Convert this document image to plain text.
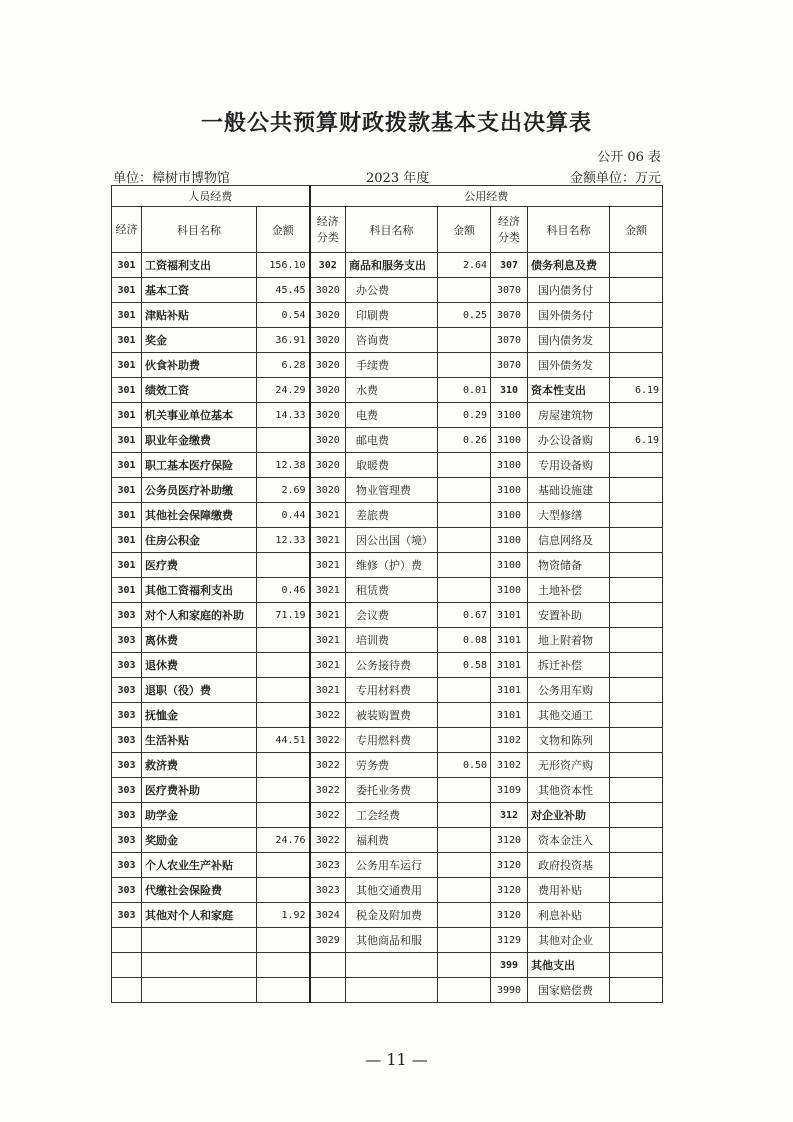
一般公共预算财政拨款基本支出决算表
公开 06 表
单位：樟树市博物馆	2023 年度	金额单位：万元
人员经费			公用经费					
经济	科目名称	金额	经济分类	科目名称	金额	经济分类	科目名称	金额
301	工资福利支出	156.10	302	商品和服务支出	2.64	307	债务利息及费	
301	基本工资	45.45	3020	办公费		3070	国内债务付	
301	津贴补贴	0.54	3020	印刷费	0.25	3070	国外债务付	
301	奖金	36.91	3020	咨询费		3070	国内债务发	
301	伙食补助费	6.28	3020	手续费		3070	国外债务发	
301	绩效工资	24.29	3020	水费	0.01	310	资本性支出	6.19
301	机关事业单位基本	14.33	3020	电费	0.29	3100	房屋建筑物	
301	职业年金缴费		3020	邮电费	0.26	3100	办公设备购	6.19
301	职工基本医疗保险	12.38	3020	取暖费		3100	专用设备购	
301	公务员医疗补助缴	2.69	3020	物业管理费		3100	基础设施建	
301	其他社会保障缴费	0.44	3021	差旅费		3100	大型修缮	
301	住房公积金	12.33	3021	因公出国（境）		3100	信息网络及	
301	医疗费		3021	维修（护）费		3100	物资储备	
301	其他工资福利支出	0.46	3021	租赁费		3100	土地补偿	
303	对个人和家庭的补助	71.19	3021	会议费	0.67	3101	安置补助	
303	离休费		3021	培训费	0.08	3101	地上附着物	
303	退休费		3021	公务接待费	0.58	3101	拆迁补偿	
303	退职（役）费		3021	专用材料费		3101	公务用车购	
303	抚恤金		3022	被装购置费		3101	其他交通工	
303	生活补贴	44.51	3022	专用燃料费		3102	文物和陈列	
303	救济费		3022	劳务费	0.50	3102	无形资产购	
303	医疗费补助		3022	委托业务费		3109	其他资本性	
303	助学金		3022	工会经费		312	对企业补助	
303	奖励金	24.76	3022	福利费		3120	资本金注入	
303	个人农业生产补贴		3023	公务用车运行		3120	政府投资基	
303	代缴社会保险费		3023	其他交通费用		3120	费用补贴	
303	其他对个人和家庭	1.92	3024	税金及附加费		3120	利息补贴	
			3029	其他商品和服		3129	其他对企业	
						399	其他支出	
						3990	国家赔偿费	
— 11 —
